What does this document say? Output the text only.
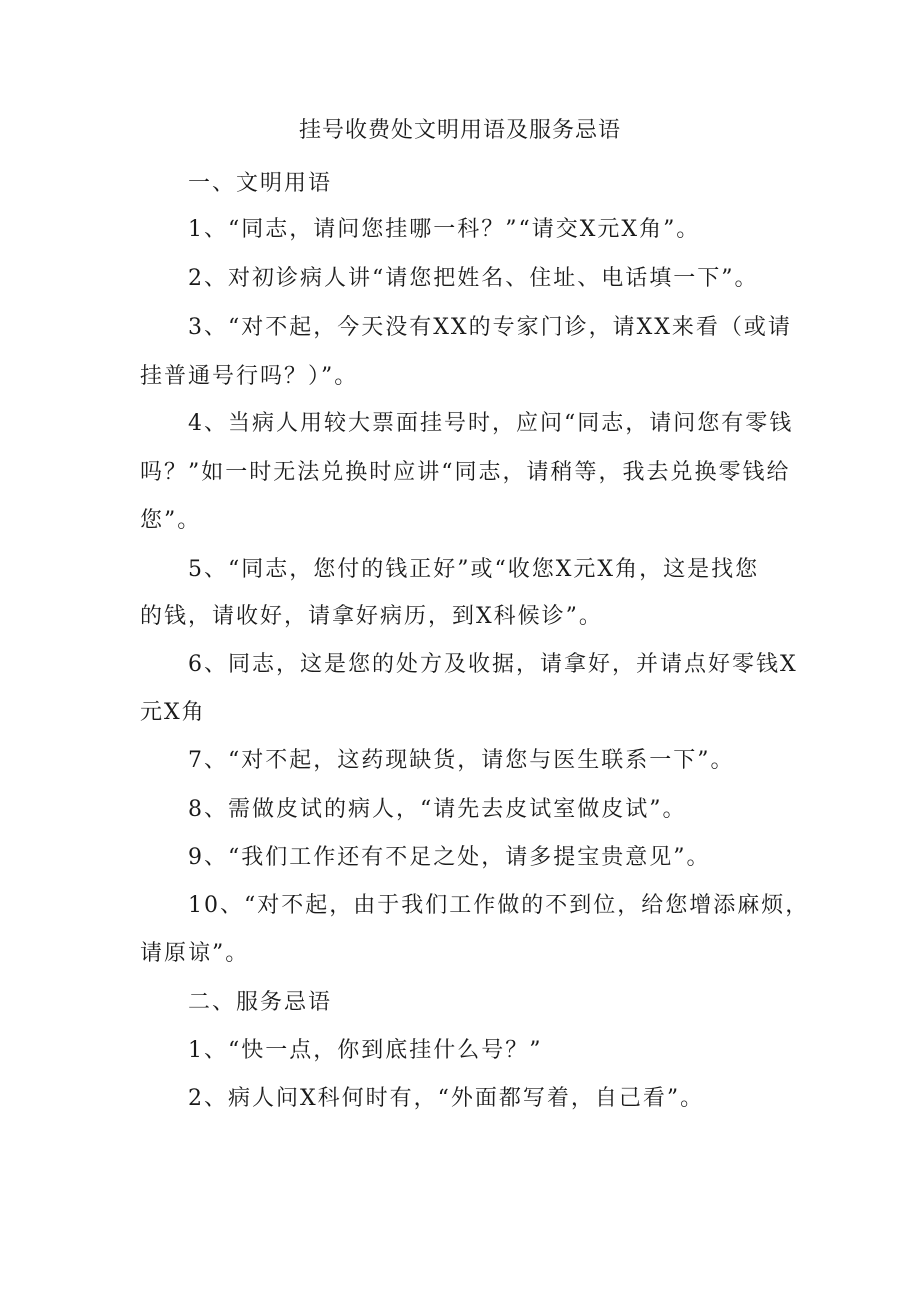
挂号收费处文明用语及服务忌语
一、文明用语
1、“同志，请问您挂哪一科？”“请交X元X角”。
2、对初诊病人讲“请您把姓名、住址、电话填一下”。
3、“对不起，今天没有XX的专家门诊，请XX来看（或请
挂普通号行吗？）”。
4、当病人用较大票面挂号时，应问“同志，请问您有零钱
吗？”如一时无法兑换时应讲“同志，请稍等，我去兑换零钱给
您”。
5、“同志，您付的钱正好”或“收您X元X角，这是找您
的钱，请收好，请拿好病历，到X科候诊”。
6、同志，这是您的处方及收据，请拿好，并请点好零钱X
元X角
7、“对不起，这药现缺货，请您与医生联系一下”。
8、需做皮试的病人，“请先去皮试室做皮试”。
9、“我们工作还有不足之处，请多提宝贵意见”。
10、“对不起，由于我们工作做的不到位，给您增添麻烦，
请原谅”。
二、服务忌语
1、“快一点，你到底挂什么号？”
2、病人问X科何时有，“外面都写着，自己看”。
